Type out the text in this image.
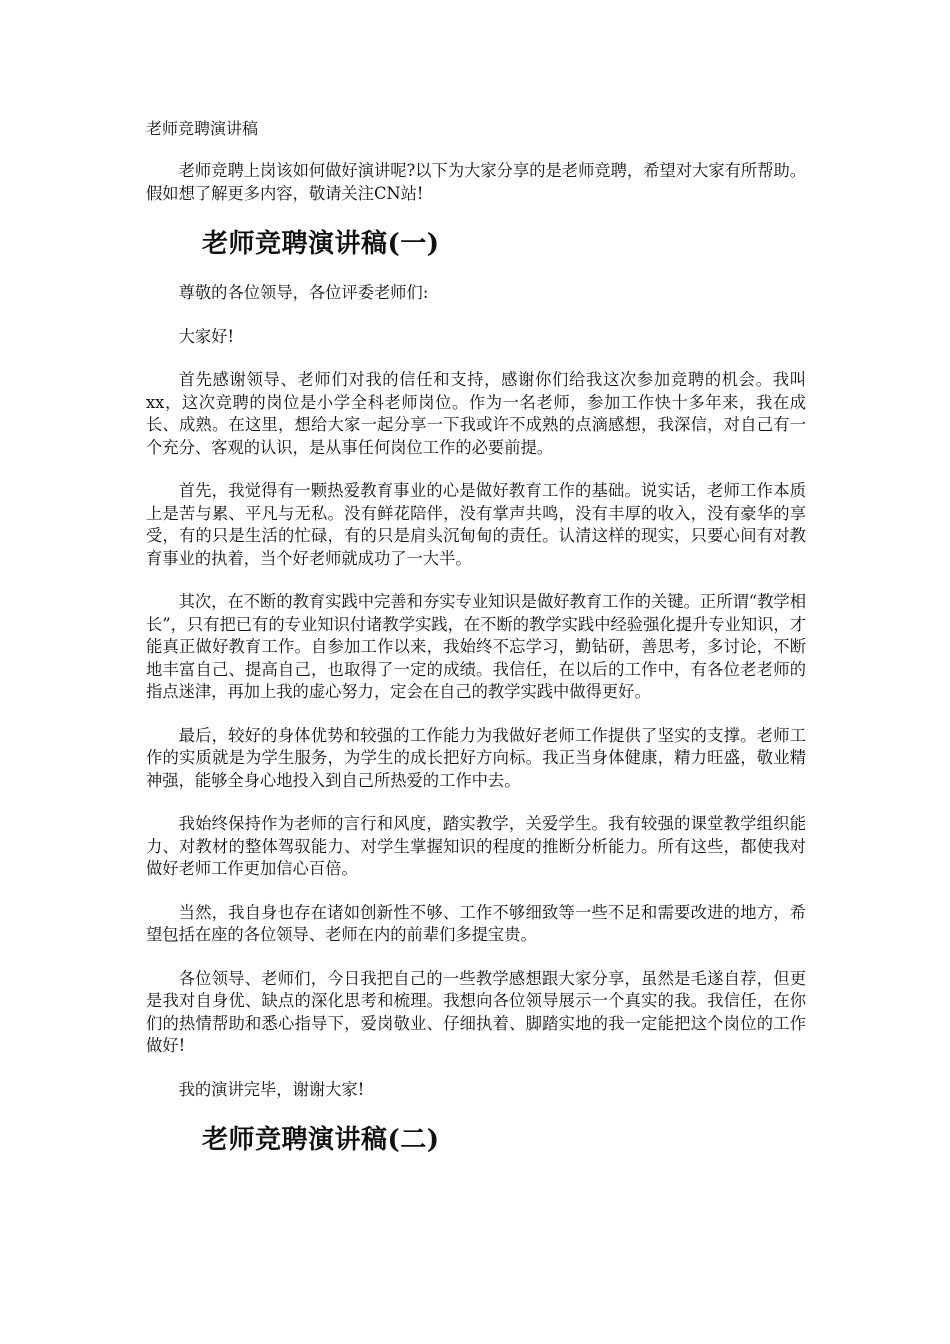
老师竞聘演讲稿

老师竞聘上岗该如何做好演讲呢?以下为大家分享的是老师竞聘，希望对大家有所帮助。假如想了解更多内容，敬请关注CN站!

老师竞聘演讲稿(一)

尊敬的各位领导，各位评委老师们:

大家好!

首先感谢领导、老师们对我的信任和支持，感谢你们给我这次参加竞聘的机会。我叫xx，这次竞聘的岗位是小学全科老师岗位。作为一名老师，参加工作快十多年来，我在成长、成熟。在这里，想给大家一起分享一下我或许不成熟的点滴感想，我深信，对自己有一个充分、客观的认识，是从事任何岗位工作的必要前提。

首先，我觉得有一颗热爱教育事业的心是做好教育工作的基础。说实话，老师工作本质上是苦与累、平凡与无私。没有鲜花陪伴，没有掌声共鸣，没有丰厚的收入，没有豪华的享受，有的只是生活的忙碌，有的只是肩头沉甸甸的责任。认清这样的现实，只要心间有对教育事业的执着，当个好老师就成功了一大半。

其次，在不断的教育实践中完善和夯实专业知识是做好教育工作的关键。正所谓“教学相长”，只有把已有的专业知识付诸教学实践，在不断的教学实践中经验强化提升专业知识，才能真正做好教育工作。自参加工作以来，我始终不忘学习，勤钻研，善思考，多讨论，不断地丰富自己、提高自己，也取得了一定的成绩。我信任，在以后的工作中，有各位老老师的指点迷津，再加上我的虚心努力，定会在自己的教学实践中做得更好。

最后，较好的身体优势和较强的工作能力为我做好老师工作提供了坚实的支撑。老师工作的实质就是为学生服务，为学生的成长把好方向标。我正当身体健康，精力旺盛，敬业精神强，能够全身心地投入到自己所热爱的工作中去。

我始终保持作为老师的言行和风度，踏实教学，关爱学生。我有较强的课堂教学组织能力、对教材的整体驾驭能力、对学生掌握知识的程度的推断分析能力。所有这些，都使我对做好老师工作更加信心百倍。

当然，我自身也存在诸如创新性不够、工作不够细致等一些不足和需要改进的地方，希望包括在座的各位领导、老师在内的前辈们多提宝贵。

各位领导、老师们，今日我把自己的一些教学感想跟大家分享，虽然是毛遂自荐，但更是我对自身优、缺点的深化思考和梳理。我想向各位领导展示一个真实的我。我信任，在你们的热情帮助和悉心指导下，爱岗敬业、仔细执着、脚踏实地的我一定能把这个岗位的工作做好!

我的演讲完毕，谢谢大家!

老师竞聘演讲稿(二)
